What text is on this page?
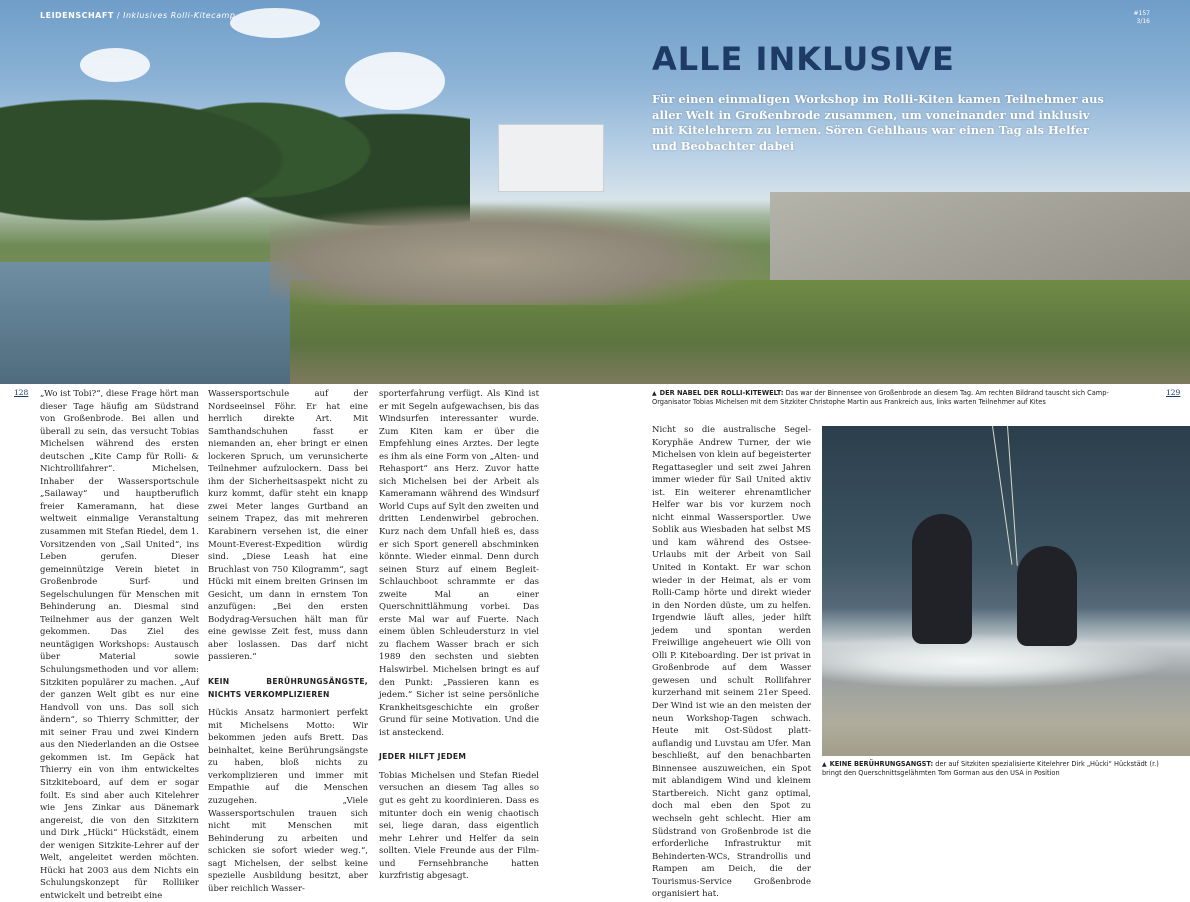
LEIDENSCHAFT / Inklusives Rolli-Kitecamp	#157
3/16
ALLE INKLUSIVE

Für einen einmaligen Workshop im Rolli-Kiten kamen Teilnehmer aus aller Welt in Großenbrode zusammen, um voneinander und inklusiv mit Kitelehrern zu lernen. Sören Gehlhaus war einen Tag als Helfer und Beobachter dabei

128	129

▲ DER NABEL DER ROLLI-KITEWELT: Das war der Binnensee von Großenbrode an diesem Tag. Am rechten Bildrand tauscht sich Camp-Organisator Tobias Michelsen mit dem Sitzkiter Christophe Martin aus Frankreich aus, links warten Teilnehmer auf Kites

„Wo ist Tobi?“, diese Frage hört man dieser Tage häufig am Südstrand von Großenbrode. Bei allen und überall zu sein, das versucht Tobias Michelsen während des ersten deutschen „Kite Camp für Rolli- & Nichtrollifahrer“. Michelsen, Inhaber der Wassersportschule „Sailaway“ und hauptberuflich freier Kameramann, hat diese weltweit einmalige Veranstaltung zusammen mit Stefan Riedel, dem 1. Vorsitzenden von „Sail United“, ins Leben gerufen. Dieser gemeinnützige Verein bietet in Großenbrode Surf- und Segelschulungen für Menschen mit Behinderung an. Diesmal sind Teilnehmer aus der ganzen Welt gekommen. Das Ziel des neuntägigen Workshops: Austausch über Material sowie Schulungsmethoden und vor allem: Sitzkiten populärer zu machen. „Auf der ganzen Welt gibt es nur eine Handvoll von uns. Das soll sich ändern“, so Thierry Schmitter, der mit seiner Frau und zwei Kindern aus den Niederlanden an die Ostsee gekommen ist. Im Gepäck hat Thierry ein von ihm entwickeltes Sitzkiteboard, auf dem er sogar foilt. Es sind aber auch Kitelehrer wie Jens Zinkar aus Dänemark angereist, die von den Sitzkitern und Dirk „Hücki“ Hückstädt, einem der wenigen Sitzkite-Lehrer auf der Welt, angeleitet werden möchten. Hücki hat 2003 aus dem Nichts ein Schulungskonzept für Rolliiker entwickelt und betreibt eine

Wassersportschule auf der Nordseeinsel Föhr. Er hat eine herrlich direkte Art. Mit Samthandschuhen fasst er niemanden an, eher bringt er einen lockeren Spruch, um verunsicherte Teilnehmer aufzulockern. Dass bei ihm der Sicherheitsaspekt nicht zu kurz kommt, dafür steht ein knapp zwei Meter langes Gurtband an seinem Trapez, das mit mehreren Karabinern versehen ist, die einer Mount-Everest-Expedition würdig sind. „Diese Leash hat eine Bruchlast von 750 Kilogramm“, sagt Hücki mit einem breiten Grinsen im Gesicht, um dann in ernstem Ton anzufügen: „Bei den ersten Bodydrag-Versuchen hält man für eine gewisse Zeit fest, muss dann aber loslassen. Das darf nicht passieren.“

KEIN BERÜHRUNGSÄNGSTE, NICHTS VERKOMPLIZIEREN

Hückis Ansatz harmoniert perfekt mit Michelsens Motto: Wir bekommen jeden aufs Brett. Das beinhaltet, keine Berührungsängste zu haben, bloß nichts zu verkomplizieren und immer mit Empathie auf die Menschen zuzugehen. „Viele Wassersportschulen trauen sich nicht mit Menschen mit Behinderung zu arbeiten und schicken sie sofort wieder weg.“, sagt Michelsen, der selbst keine spezielle Ausbildung besitzt, aber über reichlich Wasser-

sporterfahrung verfügt. Als Kind ist er mit Segeln aufgewachsen, bis das Windsurfen interessanter wurde. Zum Kiten kam er über die Empfehlung eines Arztes. Der legte es ihm als eine Form von „Alten- und Rehasport“ ans Herz. Zuvor hatte sich Michelsen bei der Arbeit als Kameramann während des Windsurf World Cups auf Sylt den zweiten und dritten Lendenwirbel gebrochen. Kurz nach dem Unfall hieß es, dass er sich Sport generell abschminken könnte. Wieder einmal. Denn durch seinen Sturz auf einem Begleit-Schlauchboot schrammte er das zweite Mal an einer Querschnittlähmung vorbei. Das erste Mal war auf Fuerte. Nach einem üblen Schleudersturz in viel zu flachem Wasser brach er sich 1989 den sechsten und siebten Halswirbel. Michelsen bringt es auf den Punkt: „Passieren kann es jedem.“ Sicher ist seine persönliche Krankheitsgeschichte ein großer Grund für seine Motivation. Und die ist ansteckend.

JEDER HILFT JEDEM

Tobias Michelsen und Stefan Riedel versuchen an diesem Tag alles so gut es geht zu koordinieren. Dass es mitunter doch ein wenig chaotisch sei, liege daran, dass eigentlich mehr Lehrer und Helfer da sein sollten. Viele Freunde aus der Film- und Fernsehbranche hatten kurzfristig abgesagt.

Nicht so die australische Segel-Koryphäe Andrew Turner, der wie Michelsen von klein auf begeisterter Regattasegler und seit zwei Jahren immer wieder für Sail United aktiv ist. Ein weiterer ehrenamtlicher Helfer war bis vor kurzem noch nicht einmal Wassersportler. Uwe Soblik aus Wiesbaden hat selbst MS und kam während des Ostsee-Urlaubs mit der Arbeit von Sail United in Kontakt. Er war schon wieder in der Heimat, als er vom Rolli-Camp hörte und direkt wieder in den Norden düste, um zu helfen. Irgendwie läuft alles, jeder hilft jedem und spontan werden Freiwillige angeheuert wie Olli von Olli P. Kiteboarding. Der ist privat in Großenbrode auf dem Wasser gewesen und schult Rollifahrer kurzerhand mit seinem 21er Speed. Der Wind ist wie an den meisten der neun Workshop-Tagen schwach. Heute mit Ost-Südost platt-auflandig und Luvstau am Ufer. Man beschließt, auf den benachbarten Binnensee auszuweichen, ein Spot mit ablandigem Wind und kleinem Startbereich. Nicht ganz optimal, doch mal eben den Spot zu wechseln geht schlecht. Hier am Südstrand von Großenbrode ist die erforderliche Infrastruktur mit Behinderten-WCs, Strandrollis und Rampen am Deich, die der Tourismus-Service Großenbrode organisiert hat.

▲ KEINE BERÜHRUNGSANGST: der auf Sitzkiten spezialisierte Kitelehrer Dirk „Hücki“ Hückstädt (r.) bringt den Querschnittsgelähmten Tom Gorman aus den USA in Position
